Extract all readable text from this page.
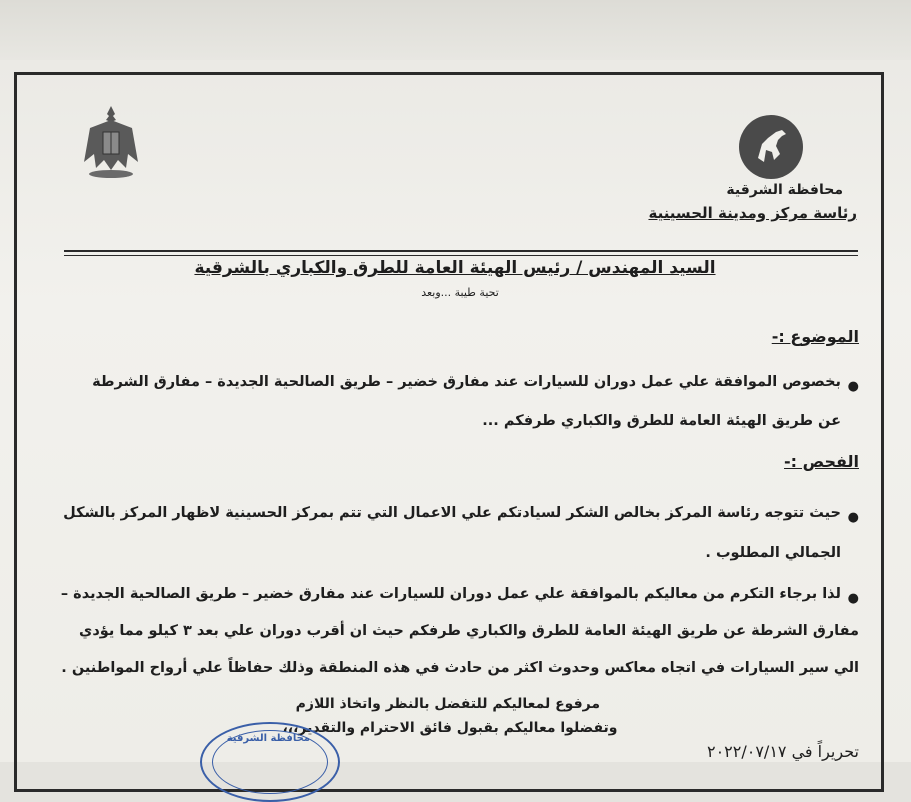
محافظة الشرقية
رئاسة مركز ومدينة الحسينية
السيد المهندس / رئيس الهيئة العامة للطرق والكباري بالشرقية
تحية طيبة ...وبعد
الموضوع :-
●
بخصوص الموافقة علي عمل دوران للسيارات عند مفارق خضير – طريق الصالحية الجديدة – مفارق الشرطة
عن طريق الهيئة العامة للطرق والكباري طرفكم ...
الفحص :-
●
حيث تتوجه رئاسة المركز بخالص الشكر لسيادتكم علي الاعمال التي تتم بمركز الحسينية لاظهار المركز بالشكل
الجمالي المطلوب .
●
لذا برجاء التكرم من معاليكم بالموافقة علي عمل دوران للسيارات عند مفارق خضير – طريق الصالحية الجديدة –
مفارق الشرطة عن طريق الهيئة العامة للطرق والكباري طرفكم حيث ان أقرب دوران علي بعد ٣ كيلو مما يؤدي
الي سير السيارات في اتجاه معاكس وحدوث اكثر من حادث في هذه المنطقة وذلك حفاظاً علي أرواح المواطنين .
مرفوع لمعاليكم للتفضل بالنظر واتخاذ اللازم
وتفضلوا معاليكم بقبول فائق الاحترام والتقدير،،،
محافظة الشرقية
تحريراً في ٢٠٢٢/٠٧/١٧
